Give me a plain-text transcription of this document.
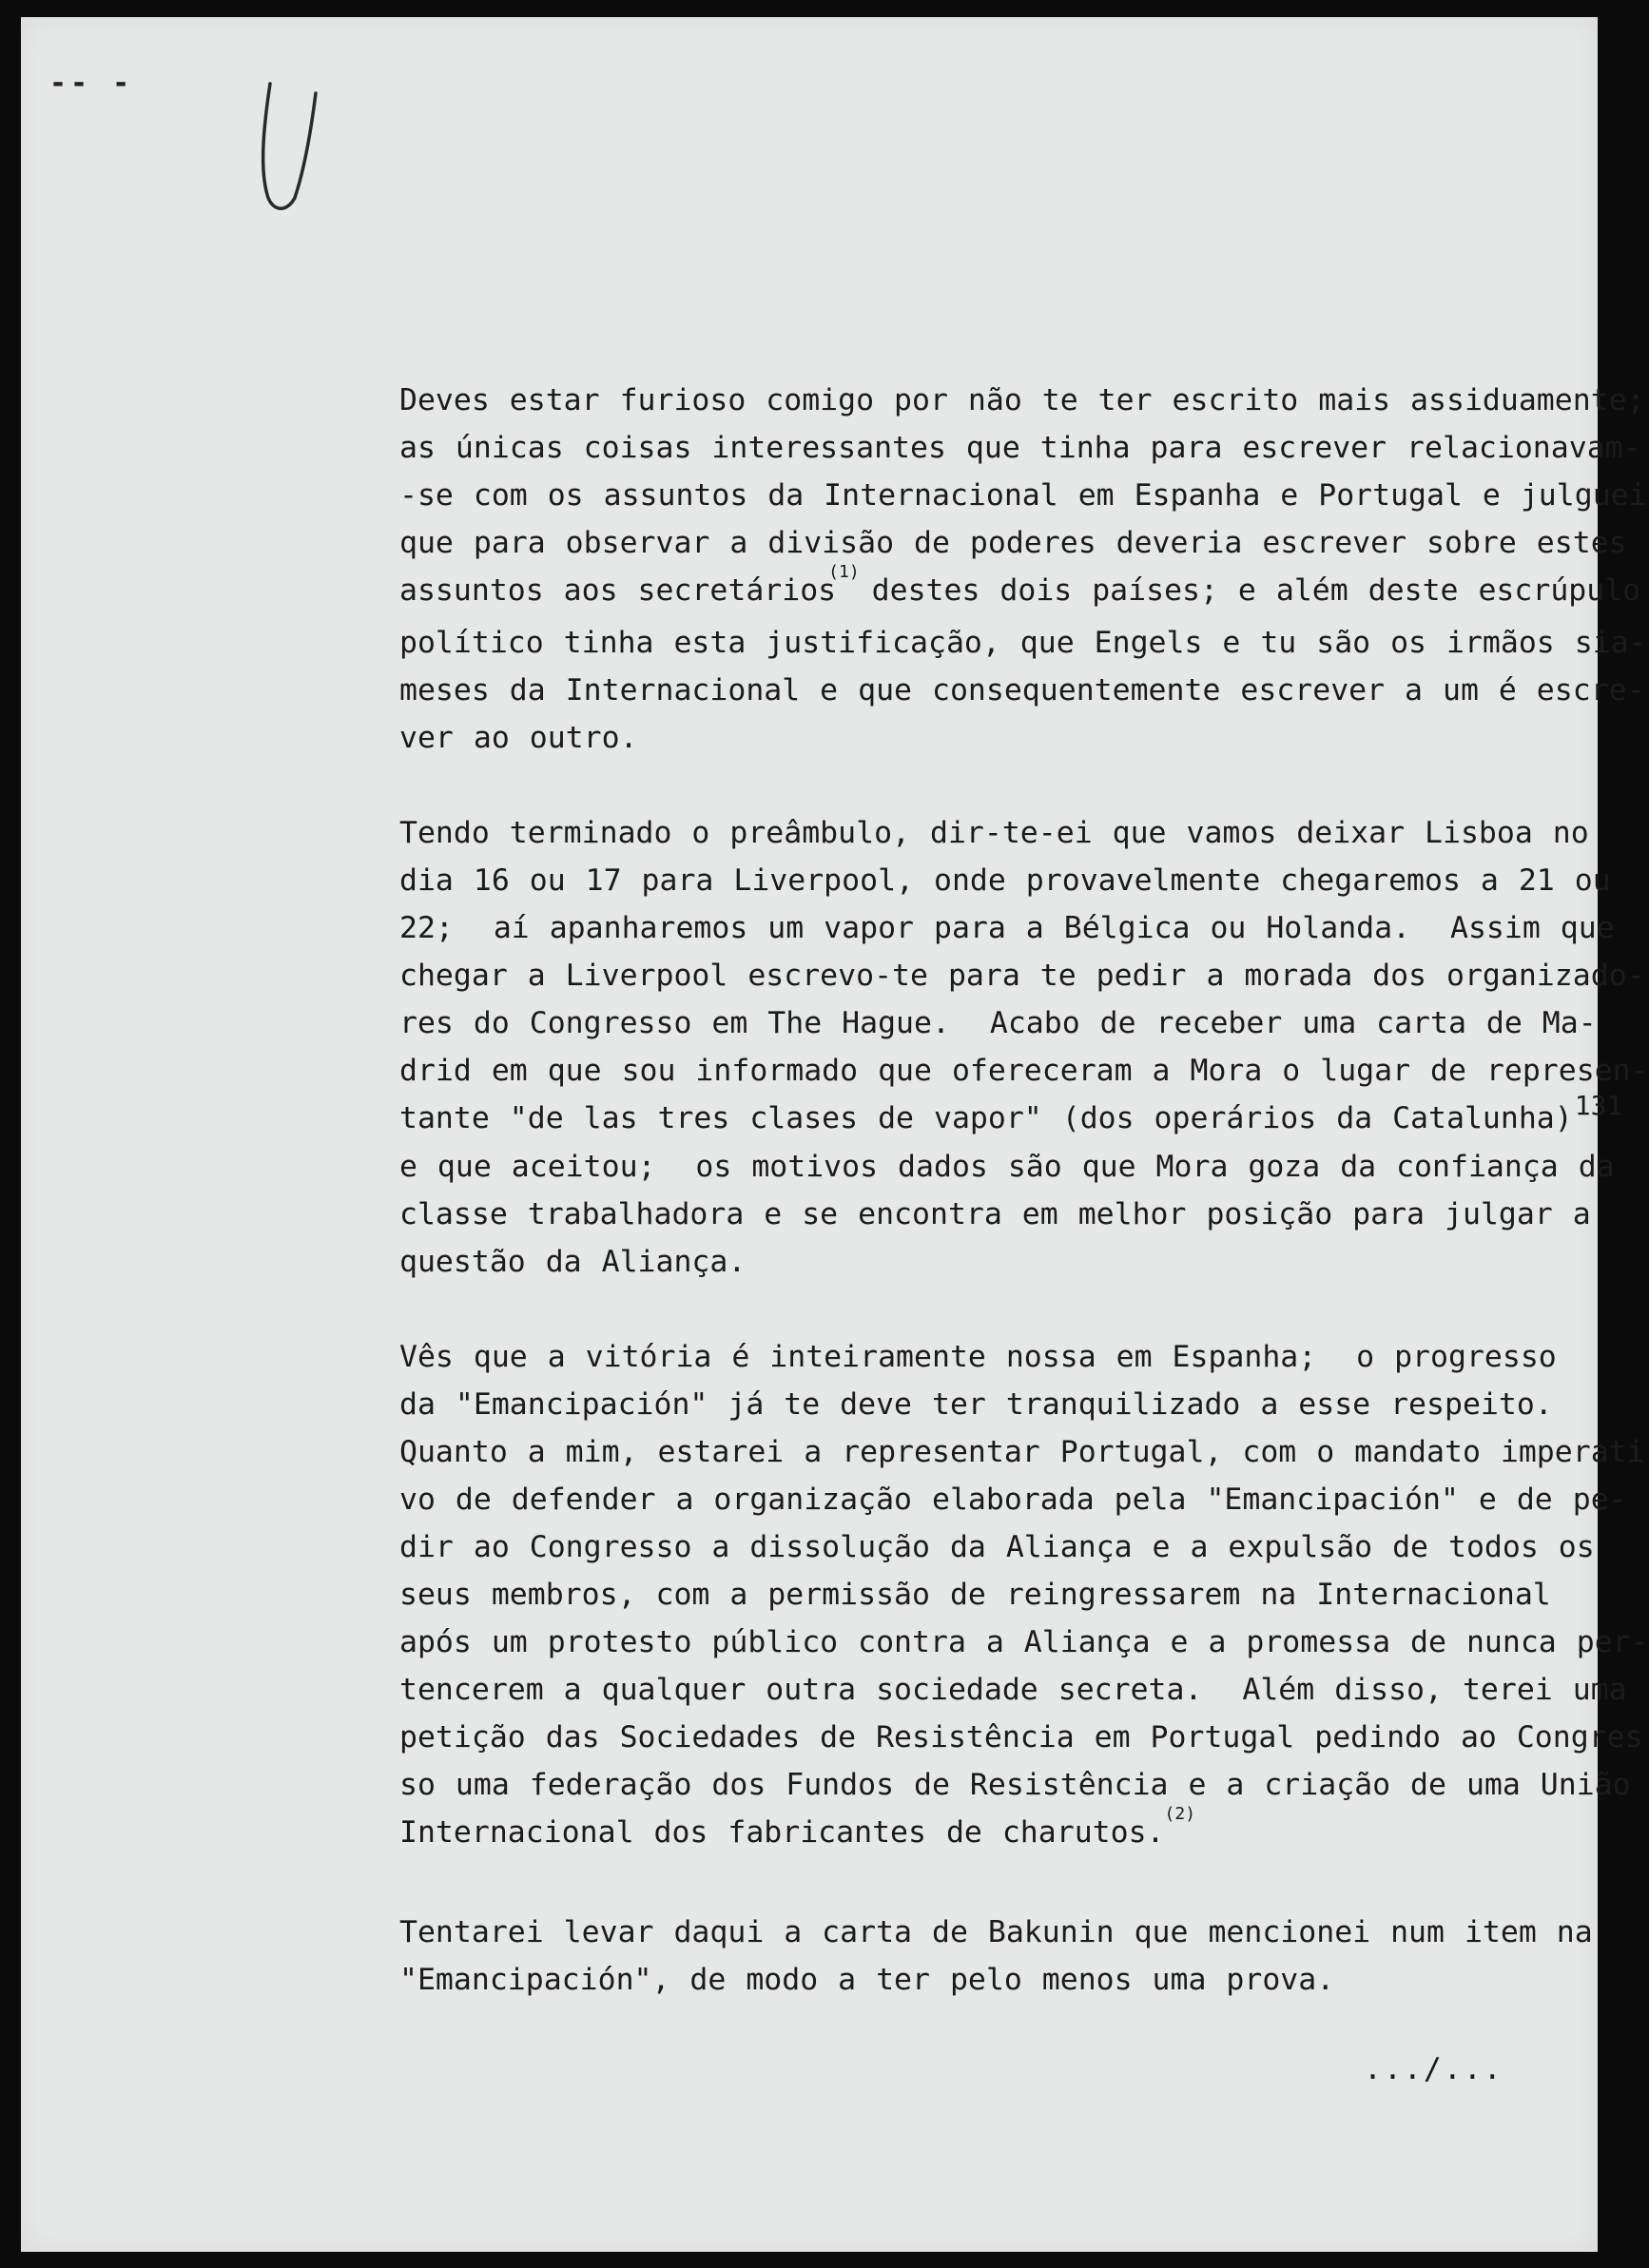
-- -
Deves estar furioso comigo por não te ter escrito mais assiduamente;
as únicas coisas interessantes que tinha para escrever relacionavam-
-se com os assuntos da Internacional em Espanha e Portugal e julguei
que para observar a divisão de poderes deveria escrever sobre estes
assuntos aos secretários$^{(1)}$ destes dois países; e além deste escrúpulo
político tinha esta justificação, que Engels e tu são os irmãos sia-
meses da Internacional e que consequentemente escrever a um é escre-
ver ao outro.
Tendo terminado o preâmbulo, dir-te-ei que vamos deixar Lisboa no
dia 16 ou 17 para Liverpool, onde provavelmente chegaremos a 21 ou
22;  aí apanharemos um vapor para a Bélgica ou Holanda.  Assim que
chegar a Liverpool escrevo-te para te pedir a morada dos organizado-
res do Congresso em The Hague.  Acabo de receber uma carta de Ma-
drid em que sou informado que ofereceram a Mora o lugar de represen-
tante "de las tres clases de vapor" (dos operários da Catalunha)131
e que aceitou;  os motivos dados são que Mora goza da confiança da
classe trabalhadora e se encontra em melhor posição para julgar a
questão da Aliança.
Vês que a vitória é inteiramente nossa em Espanha;  o progresso
da "Emancipación" já te deve ter tranquilizado a esse respeito.
Quanto a mim, estarei a representar Portugal, com o mandato imperati
vo de defender a organização elaborada pela "Emancipación" e de pe-
dir ao Congresso a dissolução da Aliança e a expulsão de todos os
seus membros, com a permissão de reingressarem na Internacional
após um protesto público contra a Aliança e a promessa de nunca per-
tencerem a qualquer outra sociedade secreta.  Além disso, terei uma
petição das Sociedades de Resistência em Portugal pedindo ao Congres
so uma federação dos Fundos de Resistência e a criação de uma União
Internacional dos fabricantes de charutos.$^{(2)}$
Tentarei levar daqui a carta de Bakunin que mencionei num item na
"Emancipación", de modo a ter pelo menos uma prova.
.../...
